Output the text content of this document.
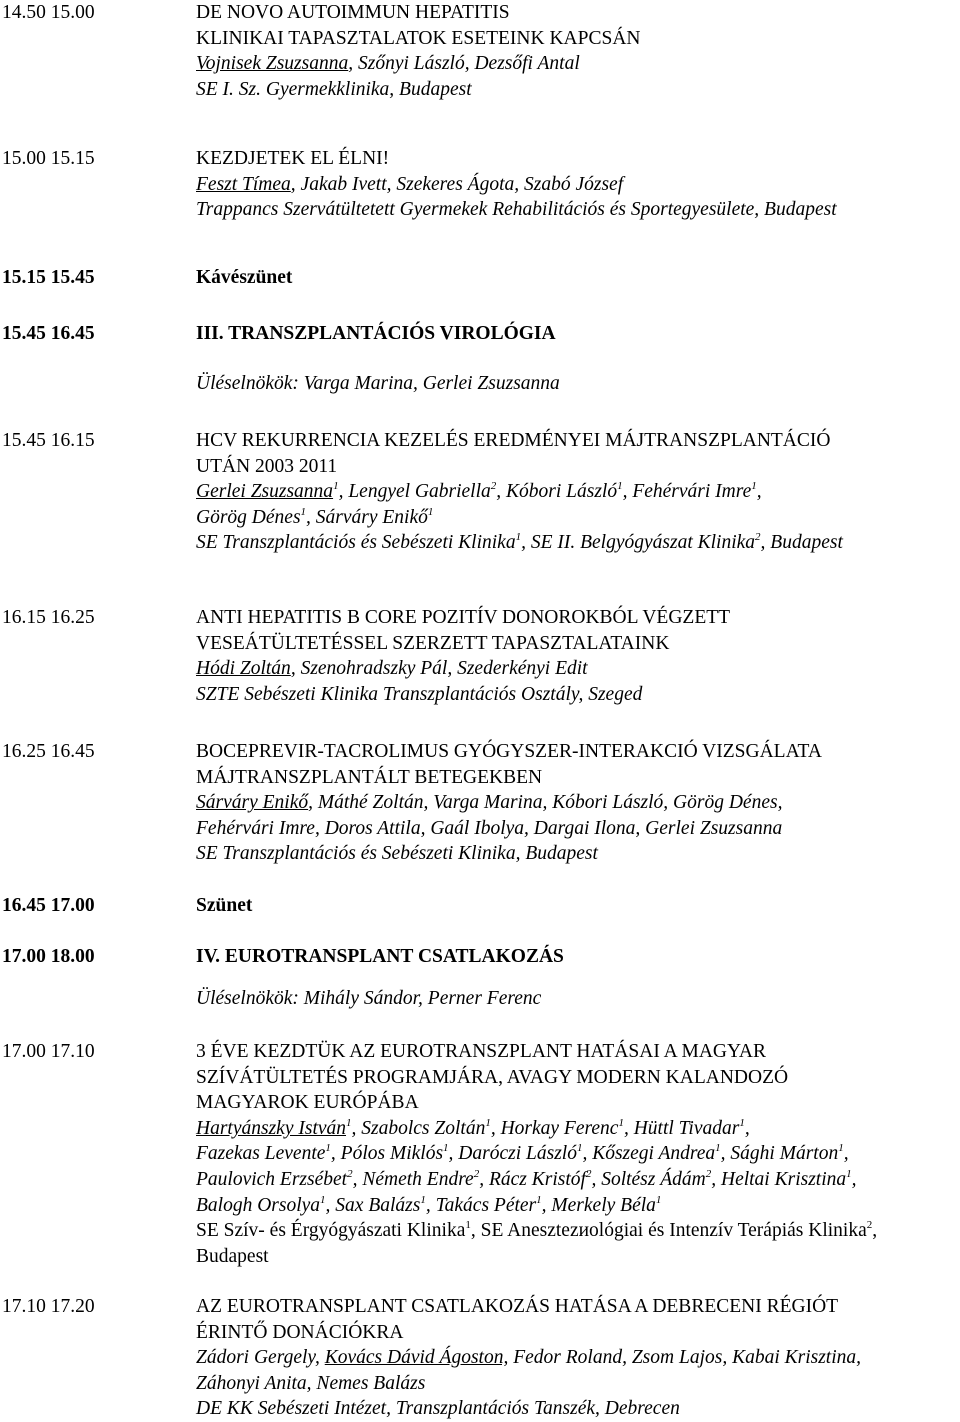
14.50 15.00	DE NOVO AUTOIMMUN HEPATITIS
KLINIKAI TAPASZTALATOK ESETEINK KAPCSÁN
Vojnisek Zsuzsanna, Szőnyi László, Dezsőfi Antal
SE I. Sz. Gyermekklinika, Budapest
15.00 15.15	KEZDJETEK EL ÉLNI!
Feszt Tímea, Jakab Ivett, Szekeres Ágota, Szabó József
Trappancs Szervátültetett Gyermekek Rehabilitációs és Sportegyesülete, Budapest
15.15 15.45	Kávészünet
15.45 16.45	III. TRANSZPLANTÁCIÓS VIROLÓGIA
Üléselnökök: Varga Marina, Gerlei Zsuzsanna
15.45 16.15	HCV REKURRENCIA KEZELÉS EREDMÉNYEI MÁJTRANSZPLANTÁCIÓ
UTÁN 2003 2011
Gerlei Zsuzsanna$^1$, Lengyel Gabriella$^2$, Kóbori László$^1$, Fehérvári Imre$^1$,
Görög Dénes$^1$, Sárváry Enikő$^1$
SE Transzplantációs és Sebészeti Klinika$^1$, SE II. Belgyógyászat Klinika$^2$, Budapest
16.15 16.25	ANTI HEPATITIS B CORE POZITÍV DONOROKBÓL VÉGZETT
VESEÁTÜLTETÉSSEL SZERZETT TAPASZTALATAINK
Hódi Zoltán, Szenohradszky Pál, Szederkényi Edit
SZTE Sebészeti Klinika Transzplantációs Osztály, Szeged
16.25 16.45	BOCEPREVIR-TACROLIMUS GYÓGYSZER-INTERAKCIÓ VIZSGÁLATA
MÁJTRANSZPLANTÁLT BETEGEKBEN
Sárváry Enikő, Máthé Zoltán, Varga Marina, Kóbori László, Görög Dénes,
Fehérvári Imre, Doros Attila, Gaál Ibolya, Dargai Ilona, Gerlei Zsuzsanna
SE Transzplantációs és Sebészeti Klinika, Budapest
16.45 17.00	Szünet
17.00 18.00	IV. EUROTRANSPLANT CSATLAKOZÁS
Üléselnökök: Mihály Sándor, Perner Ferenc
17.00 17.10	3 ÉVE KEZDTÜK AZ EUROTRANSZPLANT HATÁSAI A MAGYAR
SZÍVÁTÜLTETÉS PROGRAMJÁRA, AVAGY MODERN KALANDOZÓ
MAGYAROK EURÓPÁBA
Hartyánszky István$^1$, Szabolcs Zoltán$^1$, Horkay Ferenc$^1$, Hüttl Tivadar$^1$,
Fazekas Levente$^1$, Pólos Miklós$^1$, Daróczi László$^1$, Kőszegi Andrea$^1$, Sághi Márton$^1$,
Paulovich Erzsébet$^2$, Németh Endre$^2$, Rácz Kristóf$^2$, Soltész Ádám$^2$, Heltai Krisztina$^1$,
Balogh Orsolya$^1$, Sax Balázs$^1$, Takács Péter$^1$, Merkely Béla$^1$
SE Szív- és Érgyógyászati Klinika$^1$, SE Anesztezиológiai és Intenzív Terápiás Klinika$^2$,
Budapest
17.10 17.20	AZ EUROTRANSPLANT CSATLAKOZÁS HATÁSA A DEBRECENI RÉGIÓT
ÉRINTŐ DONÁCIÓKRA
Zádori Gergely, Kovács Dávid Ágoston, Fedor Roland, Zsom Lajos, Kabai Krisztina,
Záhonyi Anita, Nemes Balázs
DE KK Sebészeti Intézet, Transzplantációs Tanszék, Debrecen
